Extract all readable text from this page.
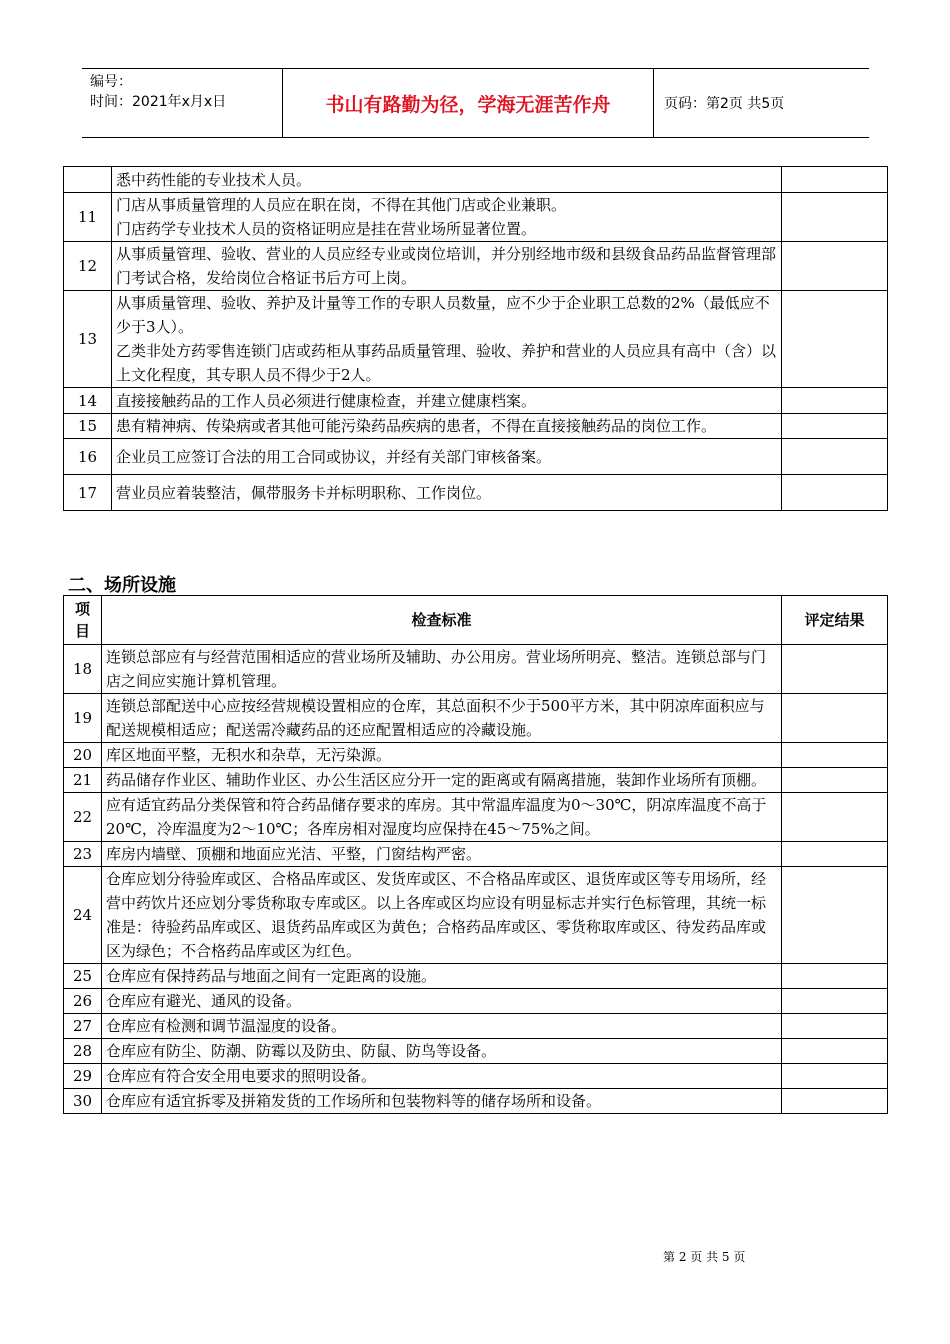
编号：
时间：2021年x月x日	书山有路勤为径，学海无涯苦作舟	页码：第2页 共5页
	悉中药性能的专业技术人员。	
11	门店从事质量管理的人员应在职在岗，不得在其他门店或企业兼职。
门店药学专业技术人员的资格证明应是挂在营业场所显著位置。	
12	从事质量管理、验收、营业的人员应经专业或岗位培训，并分别经地市级和县级食品药品监督管理部门考试合格，发给岗位合格证书后方可上岗。	
13	从事质量管理、验收、养护及计量等工作的专职人员数量，应不少于企业职工总数的2%（最低应不少于3人）。
乙类非处方药零售连锁门店或药柜从事药品质量管理、验收、养护和营业的人员应具有高中（含）以上文化程度，其专职人员不得少于2人。	
14	直接接触药品的工作人员必须进行健康检查，并建立健康档案。	
15	患有精神病、传染病或者其他可能污染药品疾病的患者，不得在直接接触药品的岗位工作。	
16	企业员工应签订合法的用工合同或协议，并经有关部门审核备案。	
17	营业员应着装整洁，佩带服务卡并标明职称、工作岗位。	
二、场所设施
项目	检查标准	评定结果
18	连锁总部应有与经营范围相适应的营业场所及辅助、办公用房。营业场所明亮、整洁。连锁总部与门店之间应实施计算机管理。	
19	连锁总部配送中心应按经营规模设置相应的仓库，其总面积不少于500平方米，其中阴凉库面积应与配送规模相适应；配送需冷藏药品的还应配置相适应的冷藏设施。	
20	库区地面平整，无积水和杂草，无污染源。	
21	药品储存作业区、辅助作业区、办公生活区应分开一定的距离或有隔离措施，装卸作业场所有顶棚。	
22	应有适宜药品分类保管和符合药品储存要求的库房。其中常温库温度为0～30℃，阴凉库温度不高于20℃，冷库温度为2～10℃；各库房相对湿度均应保持在45～75%之间。	
23	库房内墙壁、顶棚和地面应光洁、平整，门窗结构严密。	
24	仓库应划分待验库或区、合格品库或区、发货库或区、不合格品库或区、退货库或区等专用场所，经营中药饮片还应划分零货称取专库或区。以上各库或区均应设有明显标志并实行色标管理，其统一标准是：待验药品库或区、退货药品库或区为黄色；合格药品库或区、零货称取库或区、待发药品库或区为绿色；不合格药品库或区为红色。	
25	仓库应有保持药品与地面之间有一定距离的设施。	
26	仓库应有避光、通风的设备。	
27	仓库应有检测和调节温湿度的设备。	
28	仓库应有防尘、防潮、防霉以及防虫、防鼠、防鸟等设备。	
29	仓库应有符合安全用电要求的照明设备。	
30	仓库应有适宜拆零及拼箱发货的工作场所和包装物料等的储存场所和设备。	
第 2 页 共 5 页
